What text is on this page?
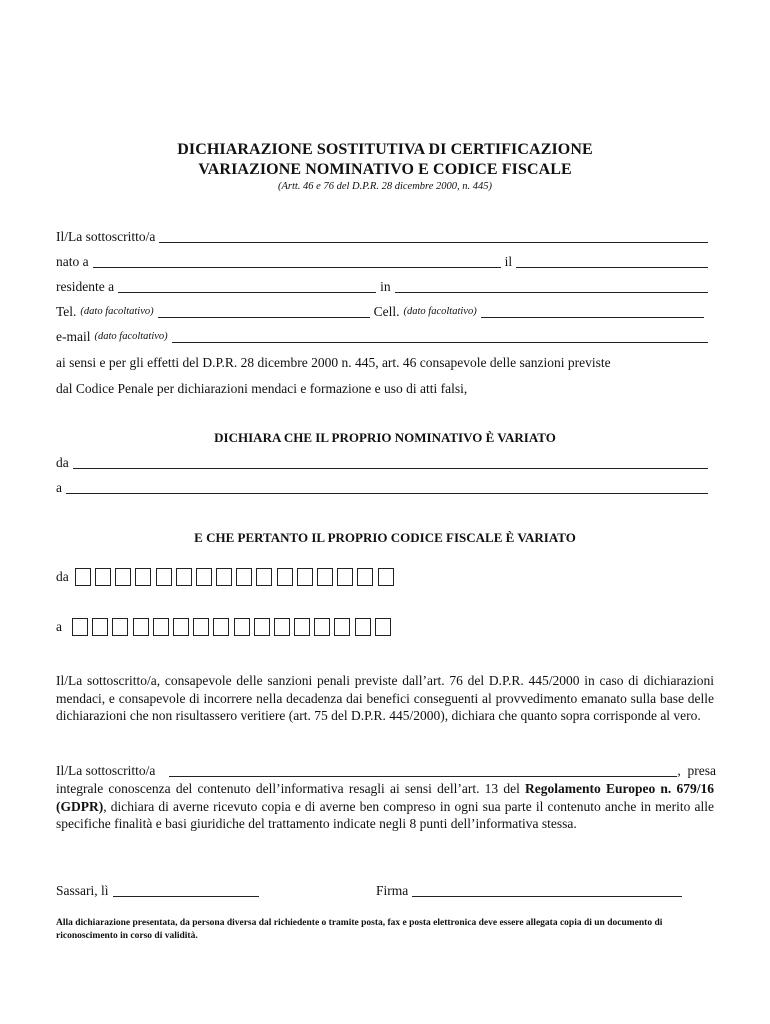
DICHIARAZIONE SOSTITUTIVA DI CERTIFICAZIONE
VARIAZIONE NOMINATIVO E CODICE FISCALE
(Artt. 46 e 76 del D.P.R. 28 dicembre 2000, n. 445)
Il/La sottoscritto/a
nato a	il
residente a	in
Tel. (dato facoltativo)	Cell. (dato facoltativo)
e-mail (dato facoltativo)

ai sensi e per gli effetti del D.P.R. 28 dicembre 2000 n. 445, art. 46 consapevole delle sanzioni previste
dal Codice Penale per dichiarazioni mendaci e formazione e uso di atti falsi,

DICHIARA CHE IL PROPRIO NOMINATIVO È VARIATO
da
a
E CHE PERTANTO IL PROPRIO CODICE FISCALE È VARIATO
da
a

Il/La sottoscritto/a, consapevole delle sanzioni penali previste dall’art. 76 del D.P.R. 445/2000 in caso di dichiarazioni mendaci, e consapevole di incorrere nella decadenza dai benefici conseguenti al provvedimento emanato sulla base delle dichiarazioni che non risultassero veritiere (art. 75 del D.P.R. 445/2000), dichiara che quanto sopra corrisponde al vero.

Il/La sottoscritto/a	,  presa

integrale conoscenza del contenuto dell’informativa resagli ai sensi dell’art. 13 del Regolamento Europeo n. 679/16 (GDPR), dichiara di averne ricevuto copia e di averne ben compreso in ogni sua parte il contenuto anche in merito alle specifiche finalità e basi giuridiche del trattamento indicate negli 8 punti dell’informativa stessa.

Sassari, lì	Firma

Alla dichiarazione presentata, da persona diversa dal richiedente o tramite posta, fax e posta elettronica deve essere allegata copia di un documento di riconoscimento in corso di validità.
